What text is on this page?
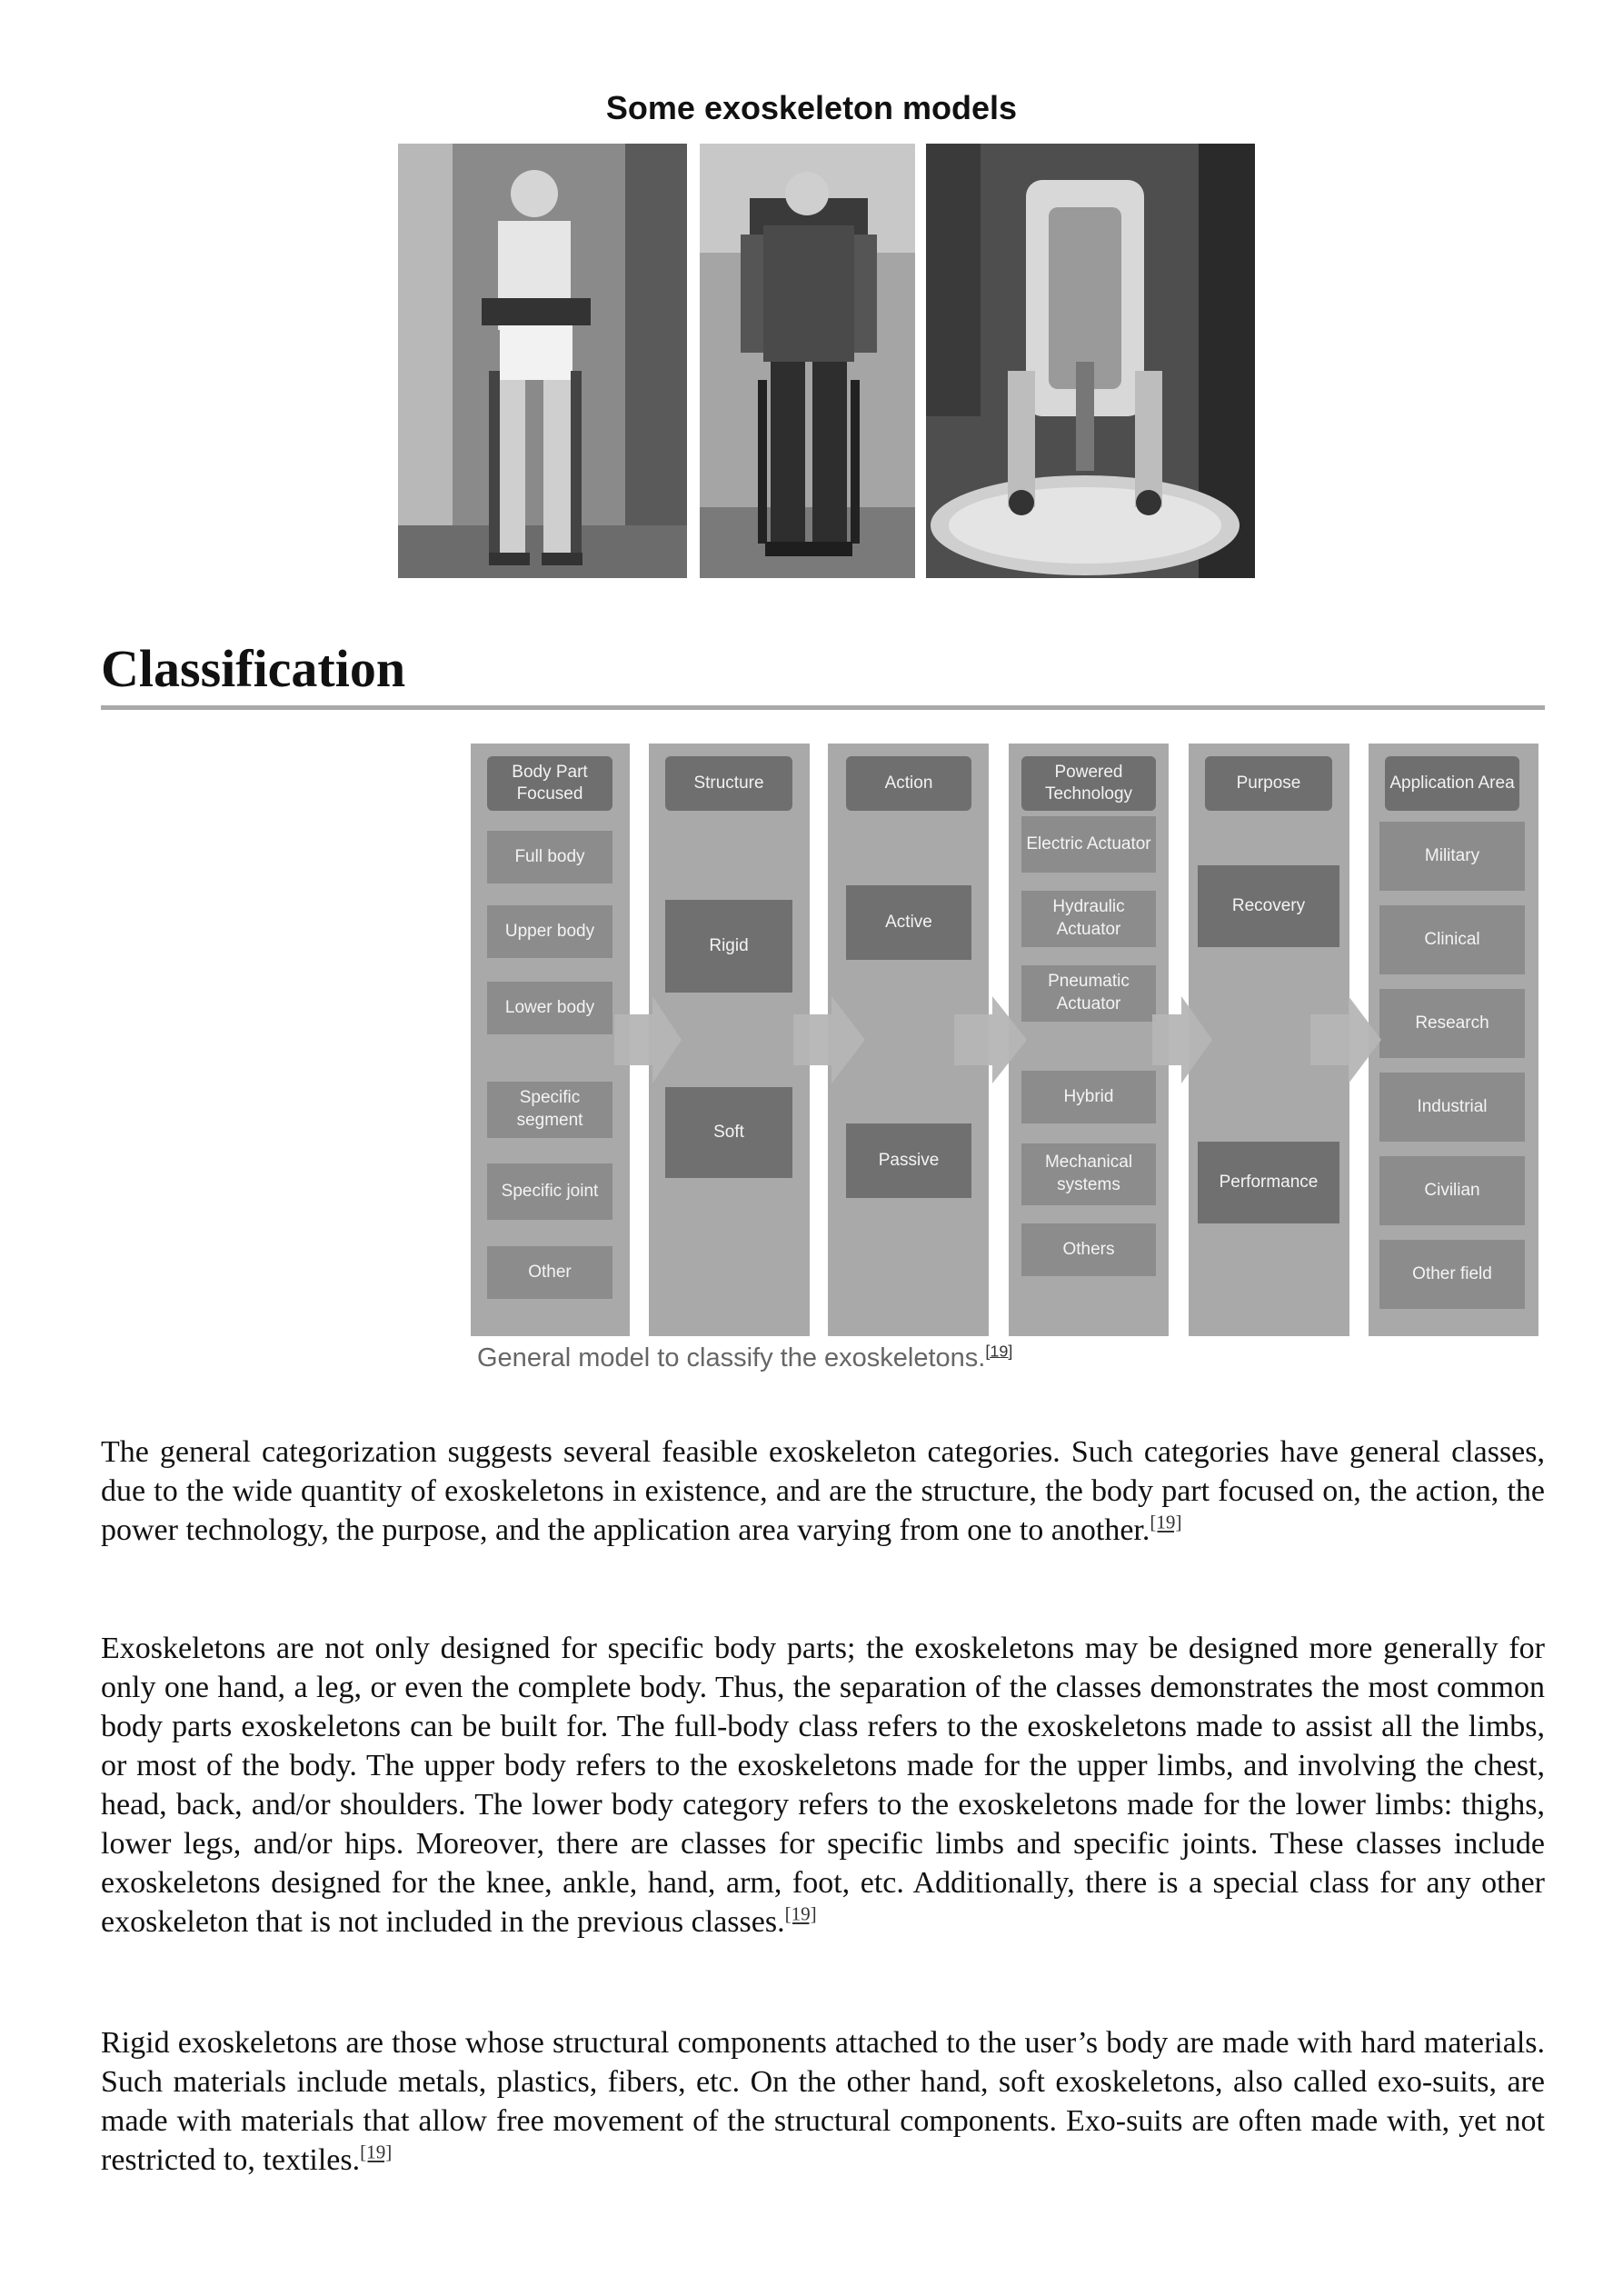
Some exoskeleton models
Classification
Body Part Focused
Full body
Upper body
Lower body
Specific segment
Specific joint
Other
Structure
Rigid
Soft
Action
Active
Passive
Powered Technology
Electric Actuator
Hydraulic Actuator
Pneumatic Actuator
Hybrid
Mechanical systems
Others
Purpose
Recovery
Performance
Application Area
Military
Clinical
Research
Industrial
Civilian
Other field
General model to classify the exoskeletons.[19]
The general categorization suggests several feasible exoskeleton categories. Such categories have general classes, due to the wide quantity of exoskeletons in existence, and are the structure, the body part focused on, the action, the power technology, the purpose, and the application area varying from one to another.[19]
Exoskeletons are not only designed for specific body parts; the exoskeletons may be designed more generally for only one hand, a leg, or even the complete body. Thus, the separation of the classes demonstrates the most common body parts exoskeletons can be built for. The full-body class refers to the exoskeletons made to assist all the limbs, or most of the body. The upper body refers to the exoskeletons made for the upper limbs, and involving the chest, head, back, and/or shoulders. The lower body category refers to the exoskeletons made for the lower limbs: thighs, lower legs, and/or hips. Moreover, there are classes for specific limbs and specific joints. These classes include exoskeletons designed for the knee, ankle, hand, arm, foot, etc. Additionally, there is a special class for any other exoskeleton that is not included in the previous classes.[19]
Rigid exoskeletons are those whose structural components attached to the user’s body are made with hard materials. Such materials include metals, plastics, fibers, etc. On the other hand, soft exoskeletons, also called exo-suits, are made with materials that allow free movement of the structural components. Exo-suits are often made with, yet not restricted to, textiles.[19]
